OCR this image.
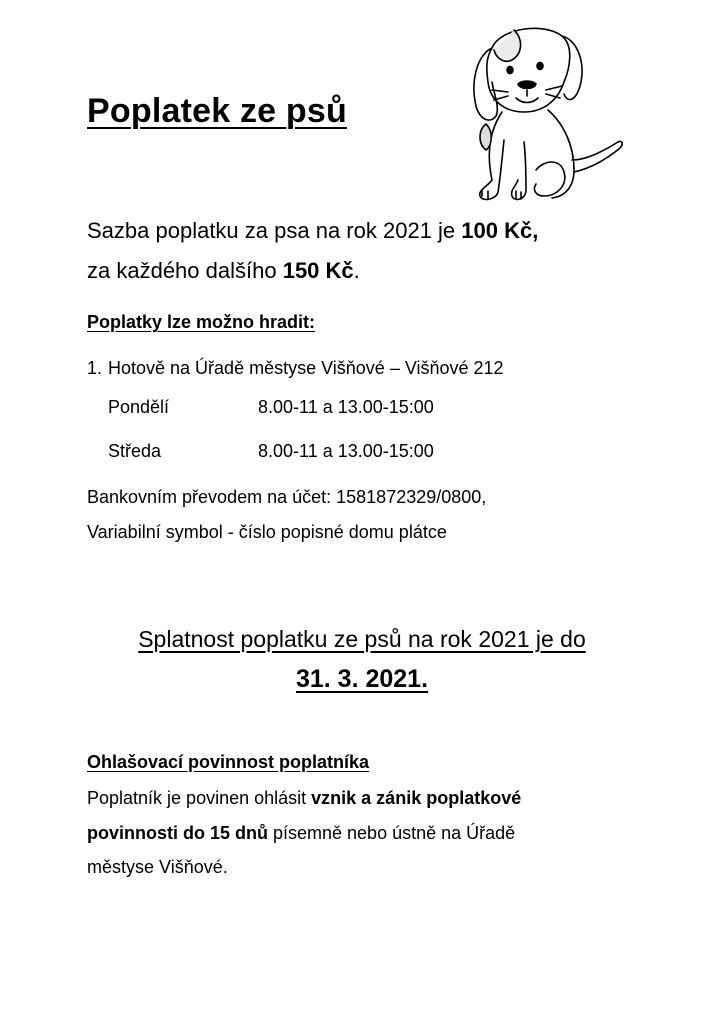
Poplatek ze psů
Sazba poplatku za psa na rok 2021 je 100 Kč,
za každého dalšího 150 Kč.
Poplatky lze možno hradit:
1. Hotově na Úřadě městyse Višňové – Višňové 212
Pondělí	8.00-11 a 13.00-15:00
Středa	8.00-11 a 13.00-15:00
Bankovním převodem na účet: 1581872329/0800,
Variabilní symbol - číslo popisné domu plátce
Splatnost poplatku ze psů na rok 2021 je do
31. 3. 2021.
Ohlašovací povinnost poplatníka
Poplatník je povinen ohlásit vznik a zánik poplatkové
povinnosti do 15 dnů písemně nebo ústně na Úřadě
městyse Višňové.
